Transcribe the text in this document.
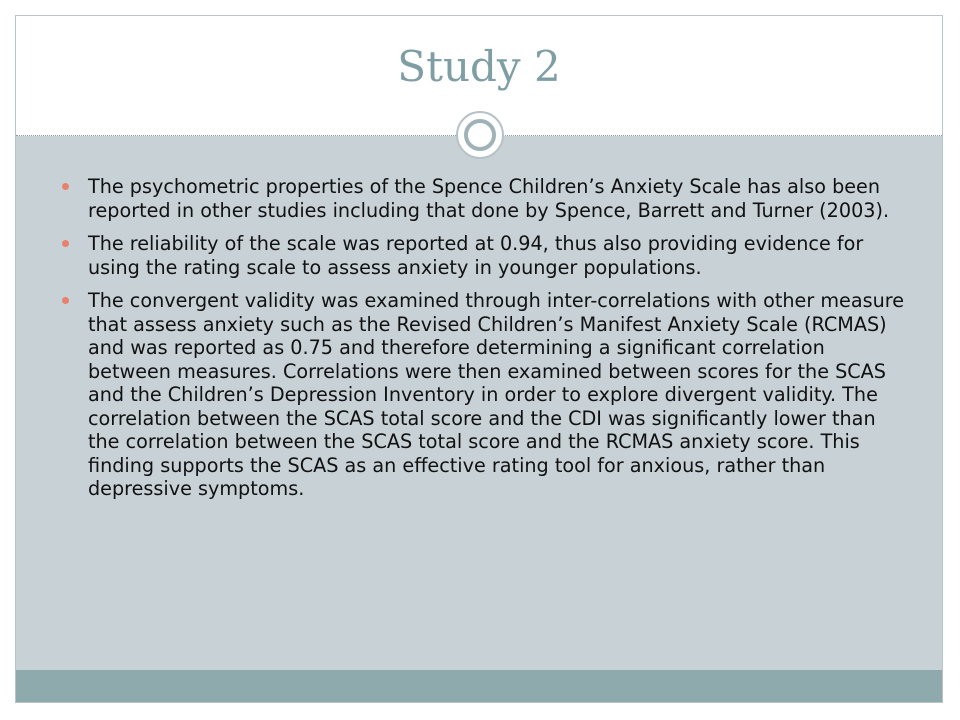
Study 2
The psychometric properties of the Spence Children’s Anxiety Scale has also been reported in other studies including that done by Spence, Barrett and Turner (2003).
The reliability of the scale was reported at 0.94, thus also providing evidence for using the rating scale to assess anxiety in younger populations.
The convergent validity was examined through inter-correlations with other measure that assess anxiety such as the Revised Children’s Manifest Anxiety Scale (RCMAS) and was reported as 0.75 and therefore determining a significant correlation between measures. Correlations were then examined between scores for the SCAS and the Children’s Depression Inventory in order to explore divergent validity. The correlation between the SCAS total score and the CDI was significantly lower than the correlation between the SCAS total score and the RCMAS anxiety score. This finding supports the SCAS as an effective rating tool for anxious, rather than depressive symptoms.
